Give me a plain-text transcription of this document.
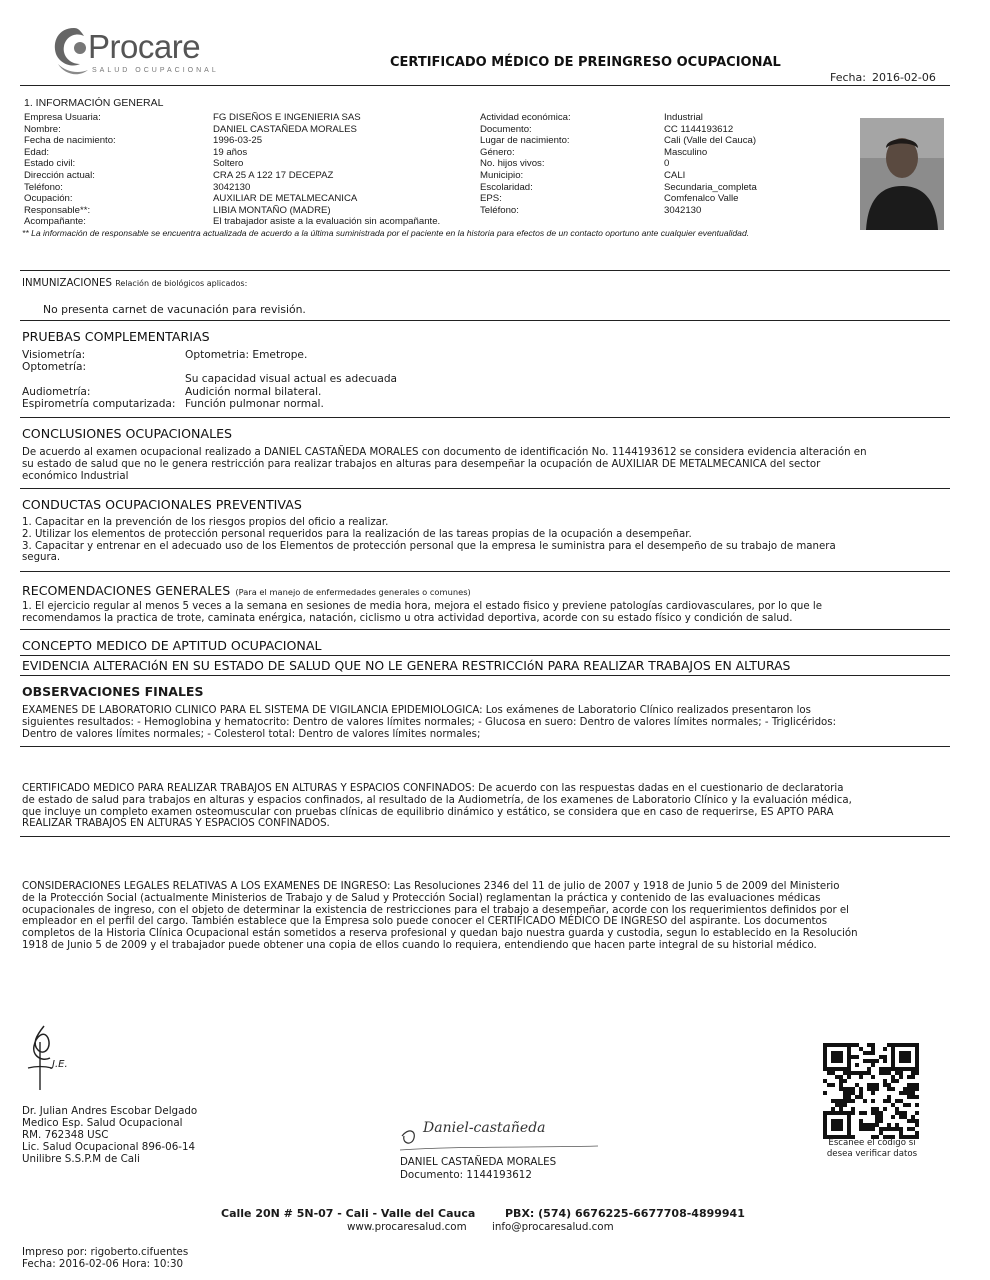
Procare
SALUD OCUPACIONAL
CERTIFICADO MÉDICO DE PREINGRESO OCUPACIONAL
Fecha: 2016-02-06
1. INFORMACIÓN GENERAL
Empresa Usuaria:
Nombre:
Fecha de nacimiento:
Edad:
Estado civil:
Dirección actual:
Teléfono:
Ocupación:
Responsable**:
Acompañante:
FG DISEÑOS E INGENIERIA SAS
DANIEL CASTAÑEDA MORALES
1996-03-25
19 años
Soltero
CRA 25 A 122 17 DECEPAZ
3042130
AUXILIAR DE METALMECANICA
LIBIA MONTAÑO (MADRE)
El trabajador asiste a la evaluación sin acompañante.
Actividad económica:
Documento:
Lugar de nacimiento:
Género:
No. hijos vivos:
Municipio:
Escolaridad:
EPS:
Teléfono:
Industrial
CC 1144193612
Cali (Valle del Cauca)
Masculino
0
CALI
Secundaria_completa
Comfenalco Valle
3042130
** La información de responsable se encuentra actualizada de acuerdo a la última suministrada por el paciente en la historia para efectos de un contacto oportuno ante cualquier eventualidad.
INMUNIZACIONES Relación de biológicos aplicados:
No presenta carnet de vacunación para revisión.
PRUEBAS COMPLEMENTARIAS
Visiometría:
Optometría:
Audiometría:
Espirometría computarizada:
Optometria: Emetrope.
Su capacidad visual actual es adecuada
Audición normal bilateral.
Función pulmonar normal.
CONCLUSIONES OCUPACIONALES
De acuerdo al examen ocupacional realizado a DANIEL CASTAÑEDA MORALES con documento de identificación No. 1144193612 se considera evidencia alteración en
su estado de salud que no le genera restricción para realizar trabajos en alturas para desempeñar la ocupación de AUXILIAR DE METALMECANICA del sector
económico Industrial
CONDUCTAS OCUPACIONALES PREVENTIVAS
1. Capacitar en la prevención de los riesgos propios del oficio a realizar.
2. Utilizar los elementos de protección personal requeridos para la realización de las tareas propias de la ocupación a desempeñar.
3. Capacitar y entrenar en el adecuado uso de los Elementos de protección personal que la empresa le suministra para el desempeño de su trabajo de manera
segura.
RECOMENDACIONES GENERALES (Para el manejo de enfermedades generales o comunes)
1. El ejercicio regular al menos 5 veces a la semana en sesiones de media hora, mejora el estado fisico y previene patologías cardiovasculares, por lo que le
recomendamos la practica de trote, caminata enérgica, natación, ciclismo u otra actividad deportiva, acorde con su estado físico y condición de salud.
CONCEPTO MEDICO DE APTITUD OCUPACIONAL
EVIDENCIA ALTERACIóN EN SU ESTADO DE SALUD QUE NO LE GENERA RESTRICCIóN PARA REALIZAR TRABAJOS EN ALTURAS
OBSERVACIONES FINALES
EXAMENES DE LABORATORIO CLINICO PARA EL SISTEMA DE VIGILANCIA EPIDEMIOLOGICA: Los exámenes de Laboratorio Clínico realizados presentaron los
siguientes resultados: - Hemoglobina y hematocrito: Dentro de valores límites normales; - Glucosa en suero: Dentro de valores límites normales; - Triglicéridos:
Dentro de valores límites normales; - Colesterol total: Dentro de valores límites normales;
CERTIFICADO MEDICO PARA REALIZAR TRABAJOS EN ALTURAS Y ESPACIOS CONFINADOS: De acuerdo con las respuestas dadas en el cuestionario de declaratoria
de estado de salud para trabajos en alturas y espacios confinados, al resultado de la Audiometría, de los examenes de Laboratorio Clínico y la evaluación médica,
que incluye un completo examen osteomuscular con pruebas clínicas de equilibrio dinámico y estático, se considera que en caso de requerirse, ES APTO PARA
REALIZAR TRABAJOS EN ALTURAS Y ESPACIOS CONFINADOS.
CONSIDERACIONES LEGALES RELATIVAS A LOS EXAMENES DE INGRESO: Las Resoluciones 2346 del 11 de julio de 2007 y 1918 de Junio 5 de 2009 del Ministerio
de la Protección Social (actualmente Ministerios de Trabajo y de Salud y Protección Social) reglamentan la práctica y contenido de las evaluaciones médicas
ocupacionales de ingreso, con el objeto de determinar la existencia de restricciones para el trabajo a desempeñar, acorde con los requerimientos definidos por el
empleador en el perfil del cargo. También establece que la Empresa solo puede conocer el CERTIFICADO MÉDICO DE INGRESO del aspirante. Los documentos
completos de la Historia Clínica Ocupacional están sometidos a reserva profesional y quedan bajo nuestra guarda y custodia, segun lo establecido en la Resolución
1918 de Junio 5 de 2009 y el trabajador puede obtener una copia de ellos cuando lo requiera, entendiendo que hacen parte integral de su historial médico.
J.E.
Dr. Julian Andres Escobar Delgado
Medico Esp. Salud Ocupacional
RM. 762348 USC
Lic. Salud Ocupacional 896-06-14
Unilibre S.S.P.M de Cali
Daniel-castañeda
DANIEL CASTAÑEDA MORALES
Documento: 1144193612
Escanee el código si
desea verificar datos
Calle 20N # 5N-07 - Cali - Valle del Cauca	PBX: (574) 6676225-6677708-4899941
www.procaresalud.com info@procaresalud.com
Impreso por: rigoberto.cifuentes
Fecha: 2016-02-06 Hora: 10:30
